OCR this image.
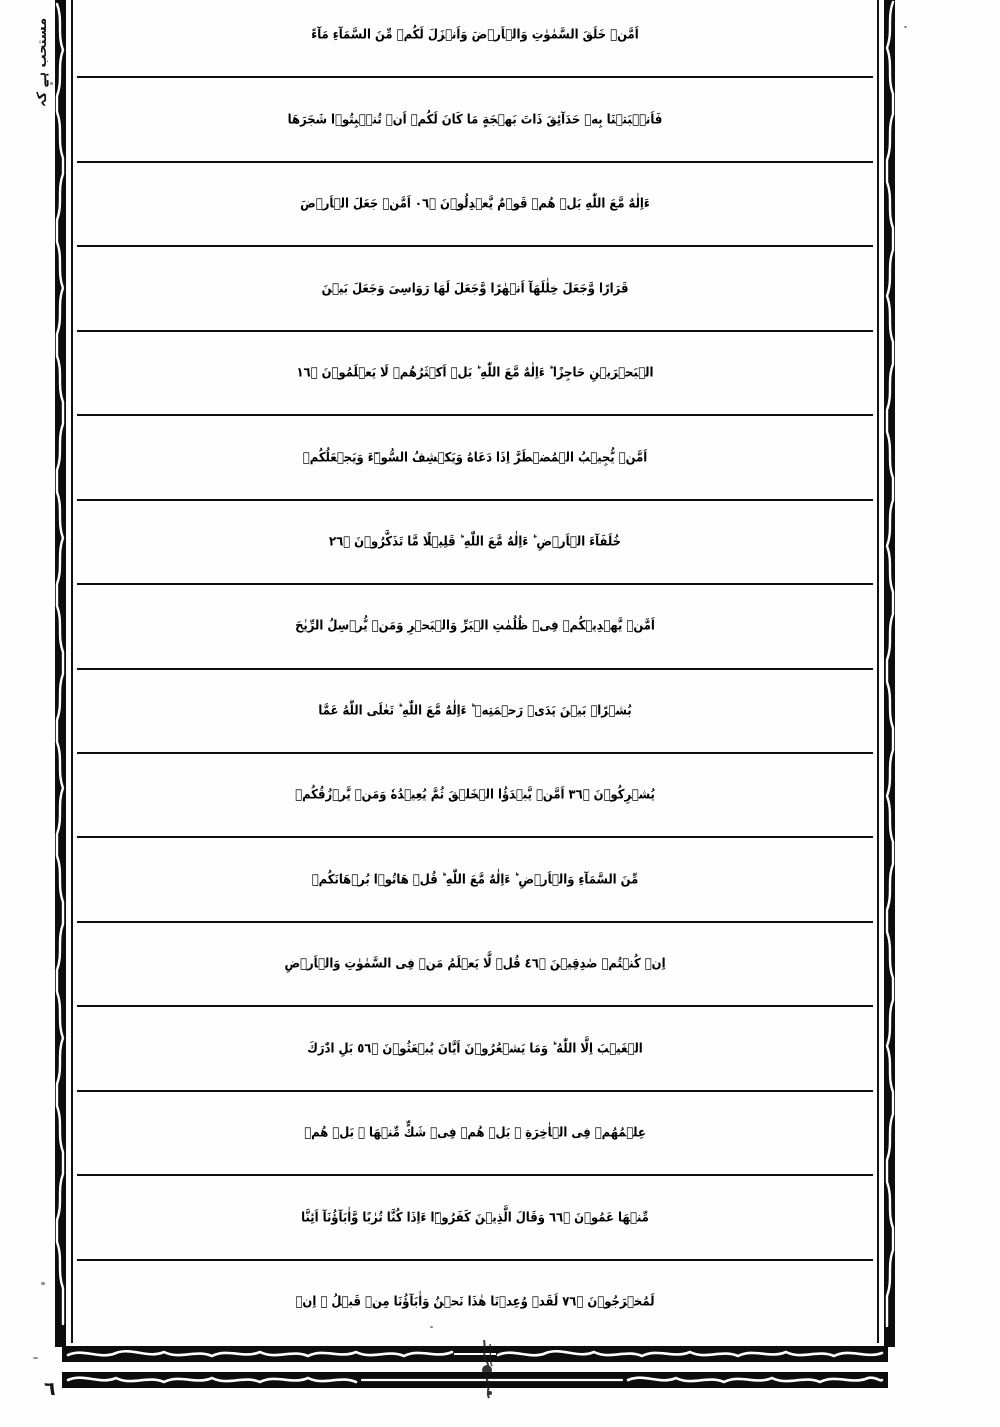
مستحب ہے کہ	اَمَّنۡ خَلَقَ السَّمٰوٰتِ وَالۡاَرۡضَ وَاَنۡزَلَ لَكُمۡ مِّنَ السَّمَآءِ مَآءً
فَاَنۡۢبَتۡنَا بِهٖ حَدَآئِقَ ذَاتَ بَهۡجَةٍ مَا كَانَ لَكُمۡ اَنۡ تُنۡۢبِتُوۡا شَجَرَهَا
ءَاِلٰهٌ مَّعَ اللّٰهِ بَلۡ هُمۡ قَوۡمٌ يَّعۡدِلُوۡنَ ۝٦٠ اَمَّنۡ جَعَلَ الۡاَرۡضَ
قَرَارًا وَّجَعَلَ خِلٰلَهَآ اَنۡهٰرًا وَّجَعَلَ لَهَا رَوَاسِىَ وَجَعَلَ بَيۡنَ
الۡبَحۡرَيۡنِ حَاجِزًا ؕ ءَاِلٰهٌ مَّعَ اللّٰهِ ؕ بَلۡ اَكۡثَرُهُمۡ لَا يَعۡلَمُوۡنَ ۝٦١
اَمَّنۡ يُّجِيۡبُ الۡمُضۡطَرَّ اِذَا دَعَاهُ وَيَكۡشِفُ السُّوۡٓءَ وَيَجۡعَلُكُمۡ
خُلَفَآءَ الۡاَرۡضِ ؕ ءَاِلٰهٌ مَّعَ اللّٰهِ ؕ قَلِيۡلًا مَّا تَذَكَّرُوۡنَ ۝٦٢
اَمَّنۡ يَّهۡدِيۡكُمۡ فِىۡ ظُلُمٰتِ الۡبَرِّ وَالۡبَحۡرِ وَمَنۡ يُّرۡسِلُ الرِّيٰحَ
بُشۡرًاۢ بَيۡنَ يَدَىۡ رَحۡمَتِهٖ ؕ ءَاِلٰهٌ مَّعَ اللّٰهِ ؕ تَعٰلَى اللّٰهُ عَمَّا
يُشۡرِكُوۡنَ ۝٦٣ اَمَّنۡ يَّبۡدَؤُا الۡخَلۡقَ ثُمَّ يُعِيۡدُهٗ وَمَنۡ يَّرۡزُقُكُمۡ
مِّنَ السَّمَآءِ وَالۡاَرۡضِ ؕ ءَاِلٰهٌ مَّعَ اللّٰهِ ؕ قُلۡ هَاتُوۡا بُرۡهَانَكُمۡ
اِنۡ كُنۡتُمۡ صٰدِقِيۡنَ ۝٦٤ قُلۡ لَّا يَعۡلَمُ مَنۡ فِى السَّمٰوٰتِ وَالۡاَرۡضِ
الۡغَيۡبَ اِلَّا اللّٰهُ ؕ وَمَا يَشۡعُرُوۡنَ اَيَّانَ يُبۡعَثُوۡنَ ۝٦٥ بَلِ ادّٰرَكَ
عِلۡمُهُمۡ فِى الۡاٰخِرَةِ ۟ بَلۡ هُمۡ فِىۡ شَكٍّ مِّنۡهَا ۟ بَلۡ هُمۡ
مِّنۡهَا عَمُوۡنَ ۝٦٦ وَقَالَ الَّذِيۡنَ كَفَرُوۡٓا ءَاِذَا كُنَّا تُرٰبًا وَّاٰبَآؤُنَآ اَئِنَّا
لَمُخۡرَجُوۡنَ ۝٦٧ لَقَدۡ وُعِدۡنَا هٰذَا نَحۡنُ وَاٰبَآؤُنَا مِنۡ قَبۡلُ ۙ اِنۡ
٦
